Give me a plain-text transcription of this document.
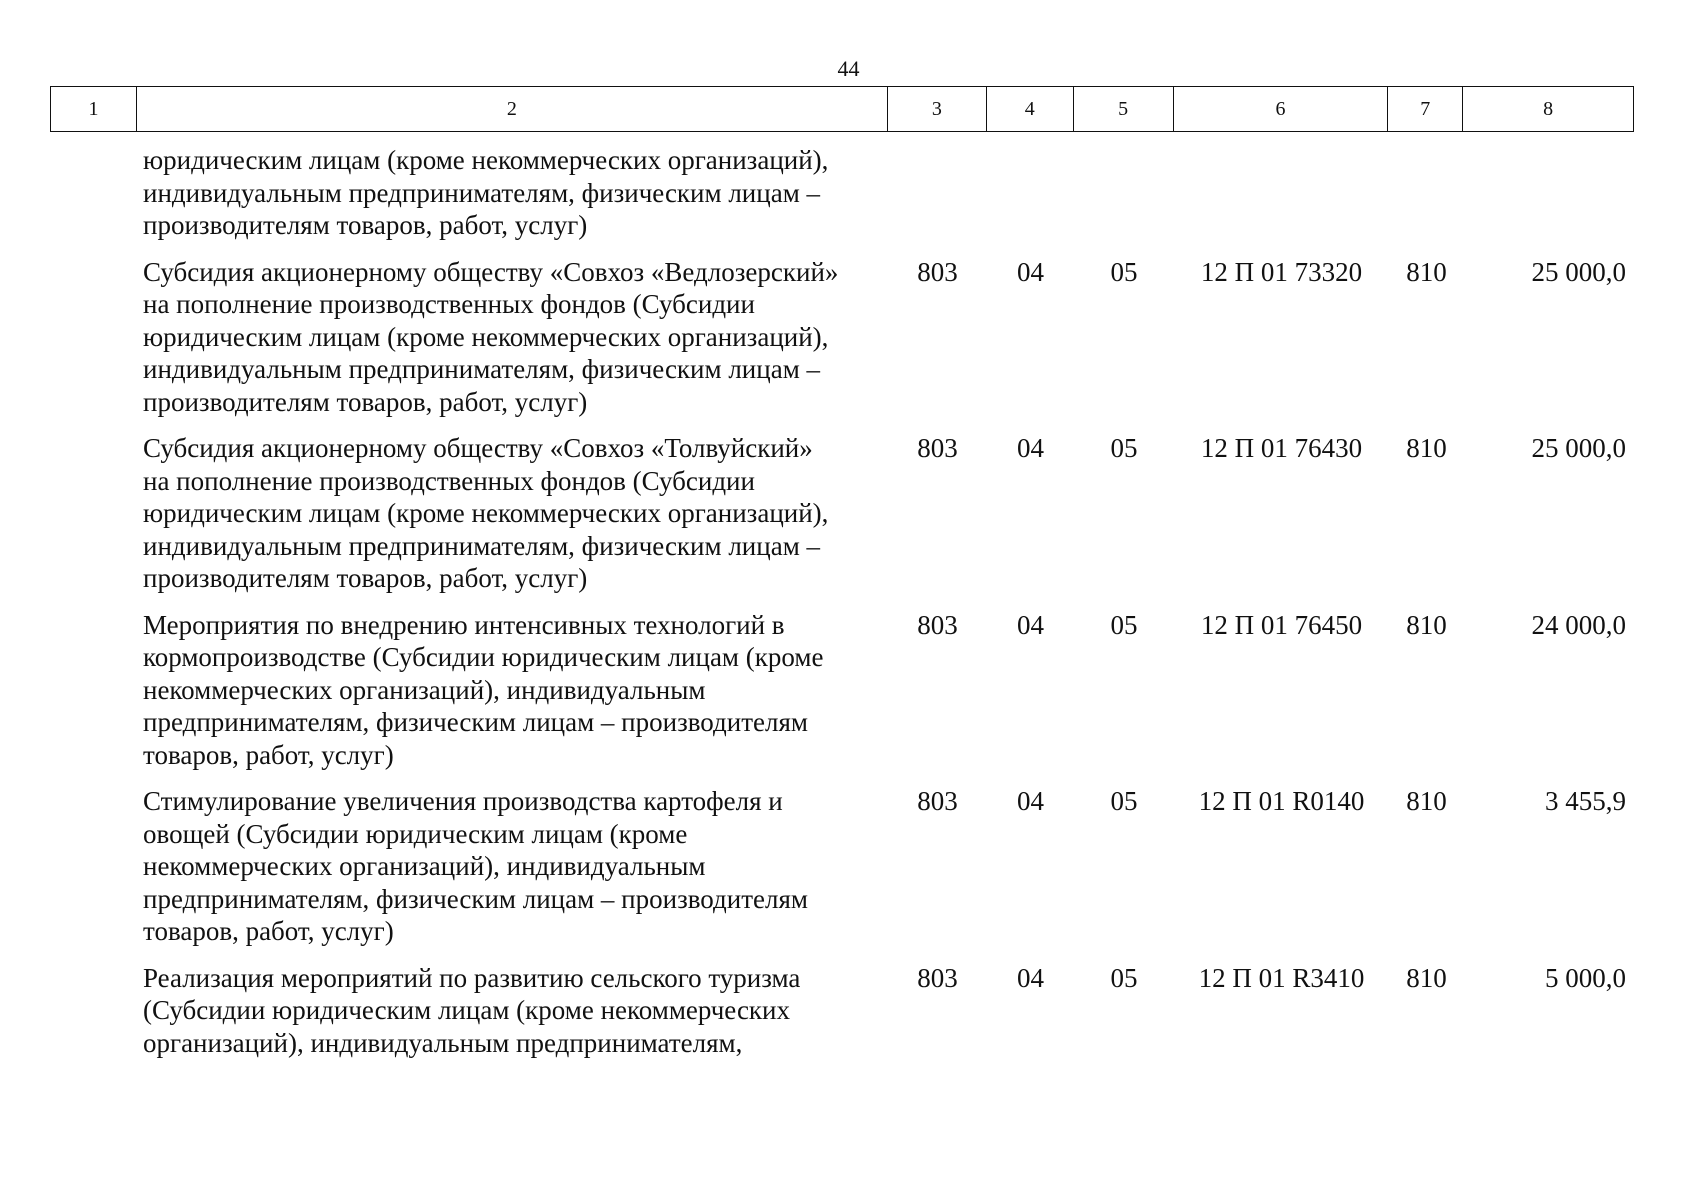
44
1	2	3	4	5	6	7	8
юридическим лицам (кроме некоммерческих организаций),
индивидуальным предпринимателям, физическим лицам –
производителям товаров, работ, услуг)
Субсидия акционерному обществу «Совхоз «Ведлозерский»
на пополнение производственных фондов (Субсидии
юридическим лицам (кроме некоммерческих организаций),
индивидуальным предпринимателям, физическим лицам –
производителям товаров, работ, услуг)
803	04	05	12 П 01 73320	810	25 000,0
Субсидия акционерному обществу «Совхоз «Толвуйский»
на пополнение производственных фондов (Субсидии
юридическим лицам (кроме некоммерческих организаций),
индивидуальным предпринимателям, физическим лицам –
производителям товаров, работ, услуг)
803	04	05	12 П 01 76430	810	25 000,0
Мероприятия по внедрению интенсивных технологий в
кормопроизводстве (Субсидии юридическим лицам (кроме
некоммерческих организаций), индивидуальным
предпринимателям, физическим лицам – производителям
товаров, работ, услуг)
803	04	05	12 П 01 76450	810	24 000,0
Стимулирование увеличения производства картофеля и
овощей (Субсидии юридическим лицам (кроме
некоммерческих организаций), индивидуальным
предпринимателям, физическим лицам – производителям
товаров, работ, услуг)
803	04	05	12 П 01 R0140	810	3 455,9
Реализация мероприятий по развитию сельского туризма
(Субсидии юридическим лицам (кроме некоммерческих
организаций), индивидуальным предпринимателям,
803	04	05	12 П 01 R3410	810	5 000,0
